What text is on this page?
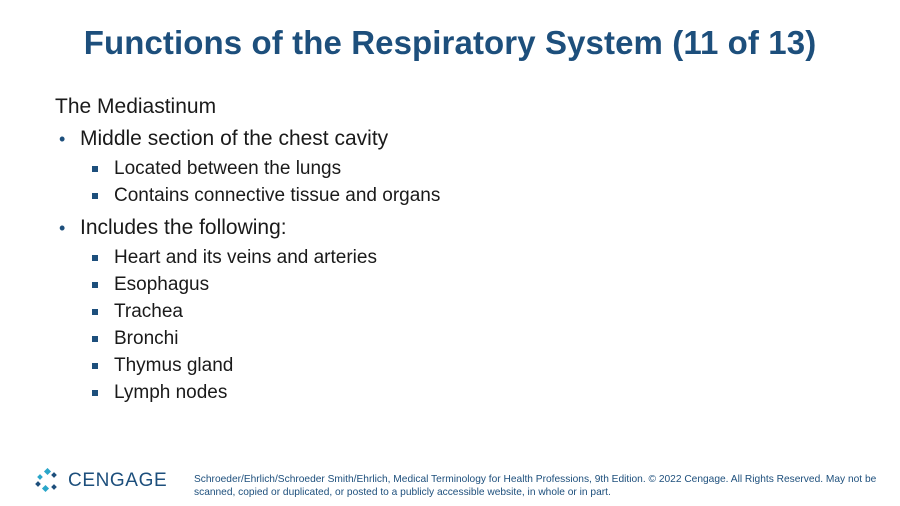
Functions of the Respiratory System (11 of 13)
The Mediastinum
• Middle section of the chest cavity
Located between the lungs
Contains connective tissue and organs
• Includes the following:
Heart and its veins and arteries
Esophagus
Trachea
Bronchi
Thymus gland
Lymph nodes
CENGAGE	Schroeder/Ehrlich/Schroeder Smith/Ehrlich, Medical Terminology for Health Professions, 9th Edition. © 2022 Cengage. All Rights Reserved. May not be scanned, copied or duplicated, or posted to a publicly accessible website, in whole or in part.
